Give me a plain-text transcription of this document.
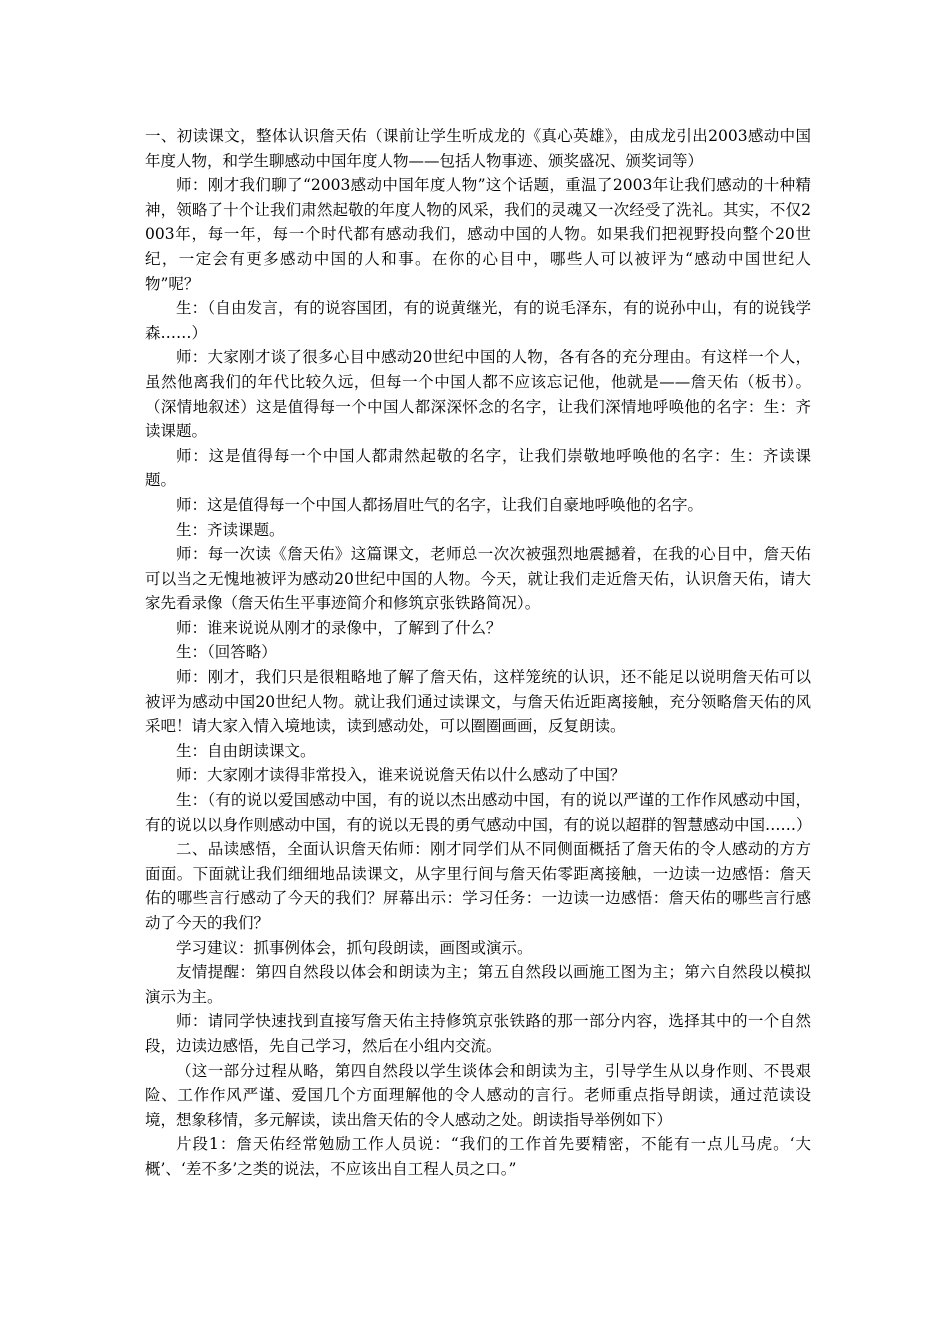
一、初读课文，整体认识詹天佑（课前让学生听成龙的《真心英雄》，由成龙引出2003感动中国年度人物，和学生聊感动中国年度人物——包括人物事迹、颁奖盛况、颁奖词等）

师：刚才我们聊了“2003感动中国年度人物”这个话题，重温了2003年让我们感动的十种精神，领略了十个让我们肃然起敬的年度人物的风采，我们的灵魂又一次经受了洗礼。其实，不仅2003年，每一年，每一个时代都有感动我们，感动中国的人物。如果我们把视野投向整个20世纪，一定会有更多感动中国的人和事。在你的心目中，哪些人可以被评为“感动中国世纪人物”呢？

生：（自由发言，有的说容国团，有的说黄继光，有的说毛泽东，有的说孙中山，有的说钱学森……）

师：大家刚才谈了很多心目中感动20世纪中国的人物，各有各的充分理由。有这样一个人，虽然他离我们的年代比较久远，但每一个中国人都不应该忘记他，他就是——詹天佑（板书）。（深情地叙述）这是值得每一个中国人都深深怀念的名字，让我们深情地呼唤他的名字：生：齐读课题。

师：这是值得每一个中国人都肃然起敬的名字，让我们崇敬地呼唤他的名字：生：齐读课题。

师：这是值得每一个中国人都扬眉吐气的名字，让我们自豪地呼唤他的名字。

生：齐读课题。

师：每一次读《詹天佑》这篇课文，老师总一次次被强烈地震撼着，在我的心目中，詹天佑可以当之无愧地被评为感动20世纪中国的人物。今天，就让我们走近詹天佑，认识詹天佑，请大家先看录像（詹天佑生平事迹简介和修筑京张铁路简况）。

师：谁来说说从刚才的录像中，了解到了什么？

生：（回答略）

师：刚才，我们只是很粗略地了解了詹天佑，这样笼统的认识，还不能足以说明詹天佑可以被评为感动中国20世纪人物。就让我们通过读课文，与詹天佑近距离接触，充分领略詹天佑的风采吧！请大家入情入境地读，读到感动处，可以圈圈画画，反复朗读。

生：自由朗读课文。

师：大家刚才读得非常投入，谁来说说詹天佑以什么感动了中国？

生：（有的说以爱国感动中国，有的说以杰出感动中国，有的说以严谨的工作作风感动中国，有的说以以身作则感动中国，有的说以无畏的勇气感动中国，有的说以超群的智慧感动中国……）

二、品读感悟，全面认识詹天佑师：刚才同学们从不同侧面概括了詹天佑的令人感动的方方面面。下面就让我们细细地品读课文，从字里行间与詹天佑零距离接触，一边读一边感悟：詹天佑的哪些言行感动了今天的我们？屏幕出示：学习任务：一边读一边感悟：詹天佑的哪些言行感动了今天的我们？

学习建议：抓事例体会，抓句段朗读，画图或演示。

友情提醒：第四自然段以体会和朗读为主；第五自然段以画施工图为主；第六自然段以模拟演示为主。

师：请同学快速找到直接写詹天佑主持修筑京张铁路的那一部分内容，选择其中的一个自然段，边读边感悟，先自己学习，然后在小组内交流。

（这一部分过程从略，第四自然段以学生谈体会和朗读为主，引导学生从以身作则、不畏艰险、工作作风严谨、爱国几个方面理解他的令人感动的言行。老师重点指导朗读，通过范读设境，想象移情，多元解读，读出詹天佑的令人感动之处。朗读指导举例如下）

片段1：詹天佑经常勉励工作人员说：“我们的工作首先要精密，不能有一点儿马虎。‘大概’、‘差不多’之类的说法，不应该出自工程人员之口。”
